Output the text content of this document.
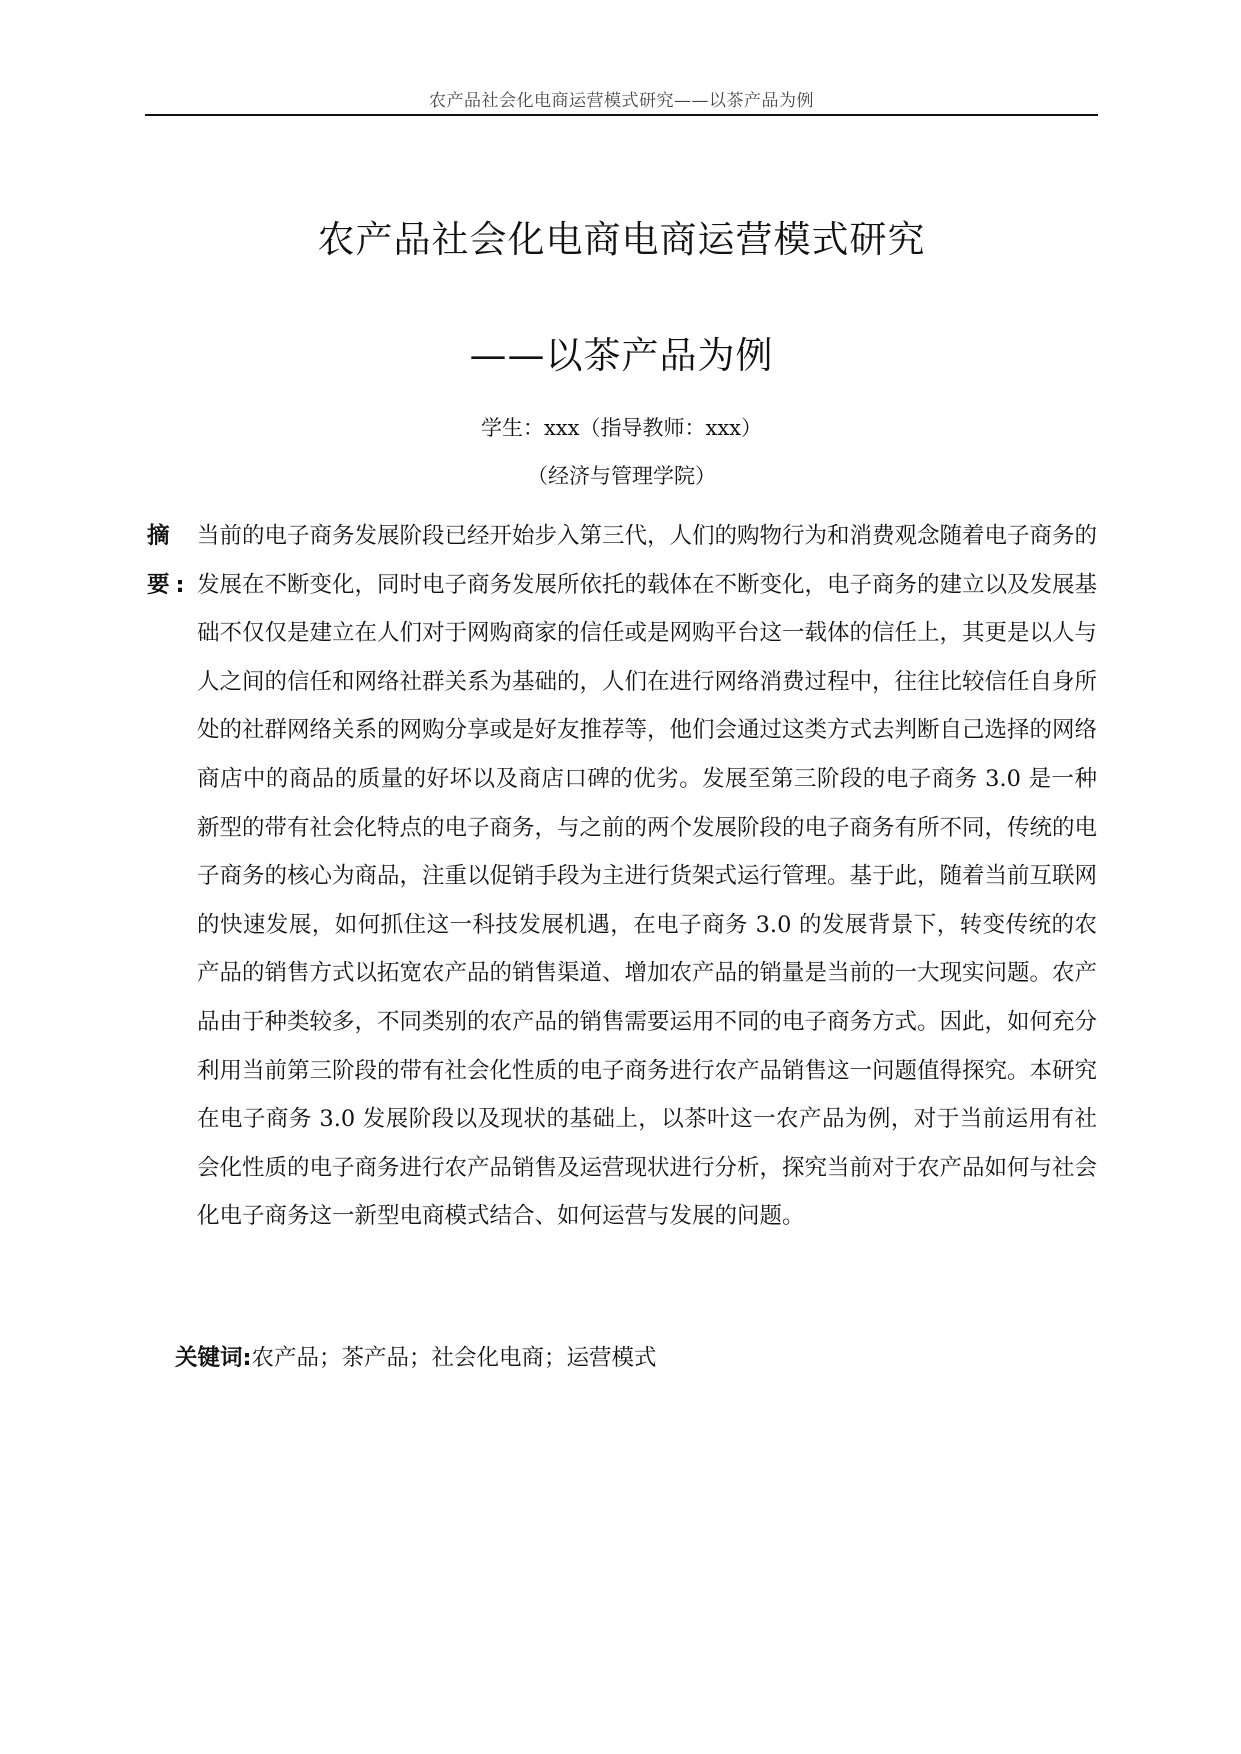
农产品社会化电商运营模式研究——以茶产品为例
农产品社会化电商电商运营模式研究
——以茶产品为例
学生：xxx（指导教师：xxx）
（经济与管理学院）
摘 要:
当前的电子商务发展阶段已经开始步入第三代，人们的购物行为和消费观念随着电子商务的发展在不断变化，同时电子商务发展所依托的载体在不断变化，电子商务的建立以及发展基础不仅仅是建立在人们对于网购商家的信任或是网购平台这一载体的信任上，其更是以人与人之间的信任和网络社群关系为基础的，人们在进行网络消费过程中，往往比较信任自身所处的社群网络关系的网购分享或是好友推荐等，他们会通过这类方式去判断自己选择的网络商店中的商品的质量的好坏以及商店口碑的优劣。发展至第三阶段的电子商务 3.0 是一种新型的带有社会化特点的电子商务，与之前的两个发展阶段的电子商务有所不同，传统的电子商务的核心为商品，注重以促销手段为主进行货架式运行管理。基于此，随着当前互联网的快速发展，如何抓住这一科技发展机遇，在电子商务 3.0 的发展背景下，转变传统的农产品的销售方式以拓宽农产品的销售渠道、增加农产品的销量是当前的一大现实问题。农产品由于种类较多，不同类别的农产品的销售需要运用不同的电子商务方式。因此，如何充分利用当前第三阶段的带有社会化性质的电子商务进行农产品销售这一问题值得探究。本研究在电子商务 3.0 发展阶段以及现状的基础上，以茶叶这一农产品为例，对于当前运用有社会化性质的电子商务进行农产品销售及运营现状进行分析，探究当前对于农产品如何与社会化电子商务这一新型电商模式结合、如何运营与发展的问题。
关键词:农产品；茶产品；社会化电商；运营模式
